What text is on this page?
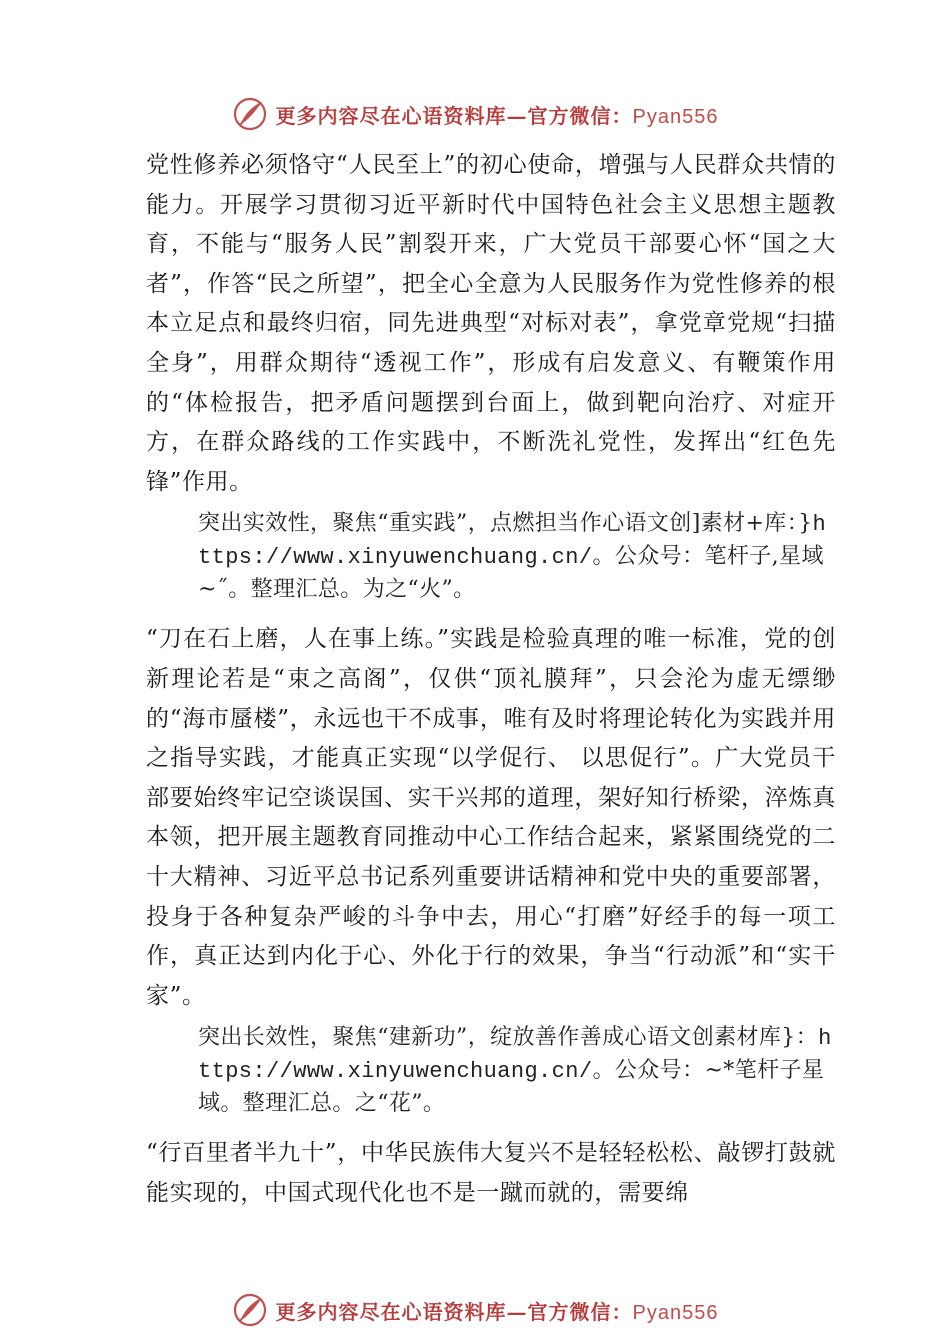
更多内容尽在心语资料库—官方微信：Pyan556

党性修养必须恪守“人民至上”的初心使命，增强与人民群众共情的能力。开展学习贯彻习近平新时代中国特色社会主义思想主题教育，不能与“服务人民”割裂开来，广大党员干部要心怀“国之大者”，作答“民之所望”，把全心全意为人民服务作为党性修养的根本立足点和最终归宿，同先进典型“对标对表”，拿党章党规“扫描全身”，用群众期待“透视工作”，形成有启发意义、有鞭策作用的“体检报告，把矛盾问题摆到台面上，做到靶向治疗、对症开方，在群众路线的工作实践中，不断洗礼党性，发挥出“红色先锋”作用。

突出实效性，聚焦“重实践”，点燃担当作心语文创]素材+库：}https://www.xinyuwenchuang.cn/。公众号：笔杆子,星域~˝。整理汇总。为之“火”。

“刀在石上磨，人在事上练。”实践是检验真理的唯一标准，党的创新理论若是“束之高阁”，仅供“顶礼膜拜”，只会沦为虚无缥缈的“海市蜃楼”，永远也干不成事，唯有及时将理论转化为实践并用之指导实践，才能真正实现“以学促行、 以思促行”。广大党员干部要始终牢记空谈误国、实干兴邦的道理，架好知行桥梁，淬炼真本领，把开展主题教育同推动中心工作结合起来，紧紧围绕党的二十大精神、习近平总书记系列重要讲话精神和党中央的重要部署，投身于各种复杂严峻的斗争中去，用心“打磨”好经手的每一项工作，真正达到内化于心、外化于行的效果，争当“行动派”和“实干家”。

突出长效性，聚焦“建新功”，绽放善作善成心语文创素材库}：https://www.xinyuwenchuang.cn/。公众号：~*笔杆子星域。整理汇总。之“花”。

“行百里者半九十”，中华民族伟大复兴不是轻轻松松、敲锣打鼓就能实现的，中国式现代化也不是一蹴而就的，需要绵

更多内容尽在心语资料库—官方微信：Pyan556
